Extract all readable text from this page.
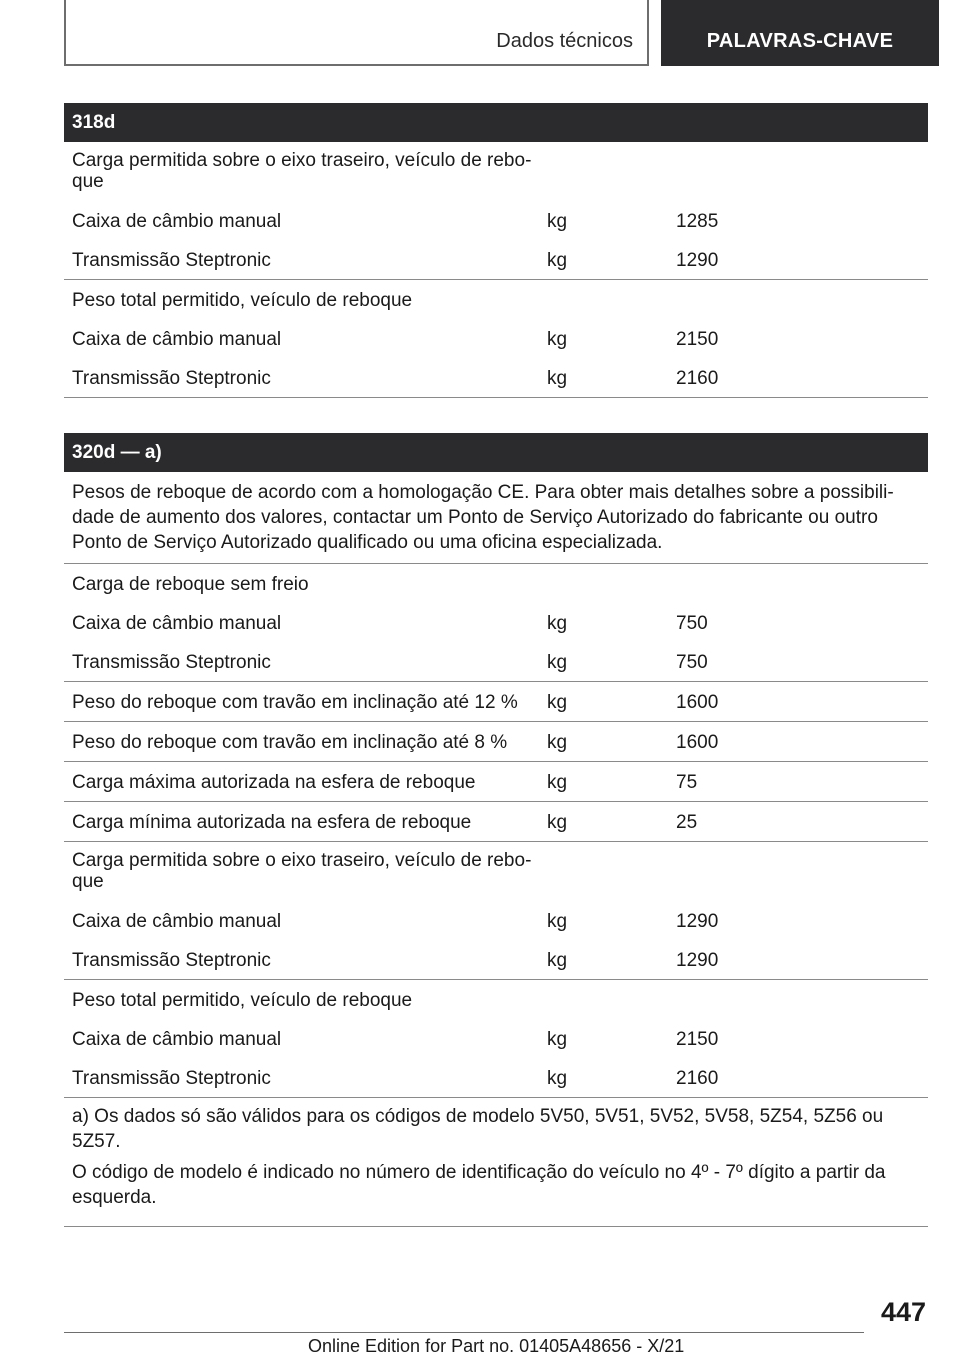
Dados técnicos	PALAVRAS-CHAVE
318d
Carga permitida sobre o eixo traseiro, veículo de rebo-que
Caixa de câmbio manual	kg	1285
Transmissão Steptronic	kg	1290
Peso total permitido, veículo de reboque
Caixa de câmbio manual	kg	2150
Transmissão Steptronic	kg	2160
320d — a)
Pesos de reboque de acordo com a homologação CE. Para obter mais detalhes sobre a possibili-dade de aumento dos valores, contactar um Ponto de Serviço Autorizado do fabricante ou outro Ponto de Serviço Autorizado qualificado ou uma oficina especializada.
Carga de reboque sem freio
Caixa de câmbio manual	kg	750
Transmissão Steptronic	kg	750
Peso do reboque com travão em inclinação até 12 %	kg	1600
Peso do reboque com travão em inclinação até 8 %	kg	1600
Carga máxima autorizada na esfera de reboque	kg	75
Carga mínima autorizada na esfera de reboque	kg	25
Carga permitida sobre o eixo traseiro, veículo de rebo-que
Caixa de câmbio manual	kg	1290
Transmissão Steptronic	kg	1290
Peso total permitido, veículo de reboque
Caixa de câmbio manual	kg	2150
Transmissão Steptronic	kg	2160

a) Os dados só são válidos para os códigos de modelo 5V50, 5V51, 5V52, 5V58, 5Z54, 5Z56 ou 5Z57.

O código de modelo é indicado no número de identificação do veículo no 4º - 7º dígito a partir da esquerda.

447
Online Edition for Part no. 01405A48656 - X/21
